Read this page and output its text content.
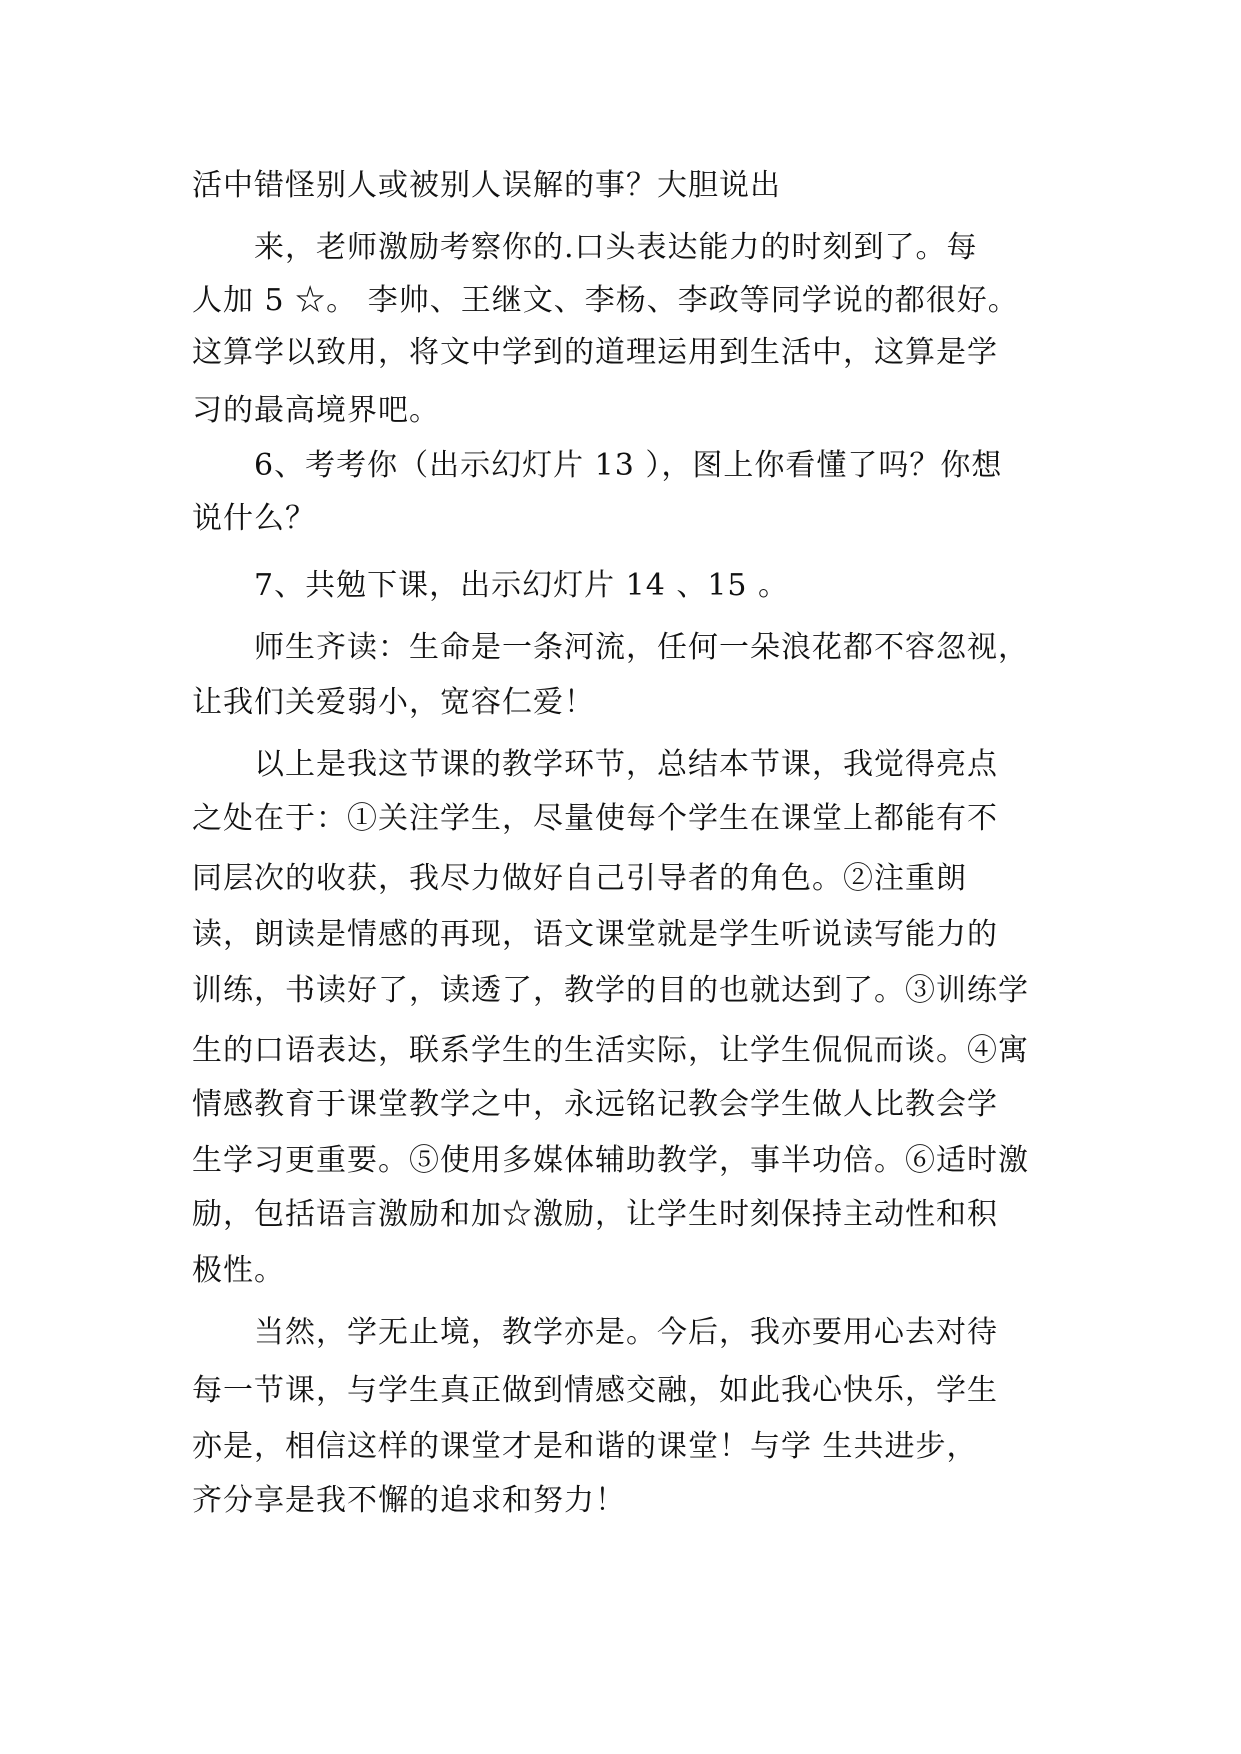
活中错怪别人或被别人误解的事？大胆说出
来，老师激励考察你的.口头表达能力的时刻到了。每
人加 5 ☆。 李帅、王继文、李杨、李政等同学说的都很好。
这算学以致用，将文中学到的道理运用到生活中，这算是学
习的最高境界吧。
6、考考你（出示幻灯片 13 ），图上你看懂了吗？你想
说什么？
7、共勉下课，出示幻灯片 14 、15 。
师生齐读：生命是一条河流，任何一朵浪花都不容忽视，
让我们关爱弱小，宽容仁爱！
以上是我这节课的教学环节，总结本节课，我觉得亮点
之处在于：①关注学生，尽量使每个学生在课堂上都能有不
同层次的收获，我尽力做好自己引导者的角色。②注重朗
读，朗读是情感的再现，语文课堂就是学生听说读写能力的
训练，书读好了，读透了，教学的目的也就达到了。③训练学
生的口语表达，联系学生的生活实际，让学生侃侃而谈。④寓
情感教育于课堂教学之中，永远铭记教会学生做人比教会学
生学习更重要。⑤使用多媒体辅助教学，事半功倍。⑥适时激
励，包括语言激励和加☆激励，让学生时刻保持主动性和积
极性。
当然，学无止境，教学亦是。今后，我亦要用心去对待
每一节课，与学生真正做到情感交融，如此我心快乐，学生
亦是，相信这样的课堂才是和谐的课堂！与学 生共进步，
齐分享是我不懈的追求和努力！
